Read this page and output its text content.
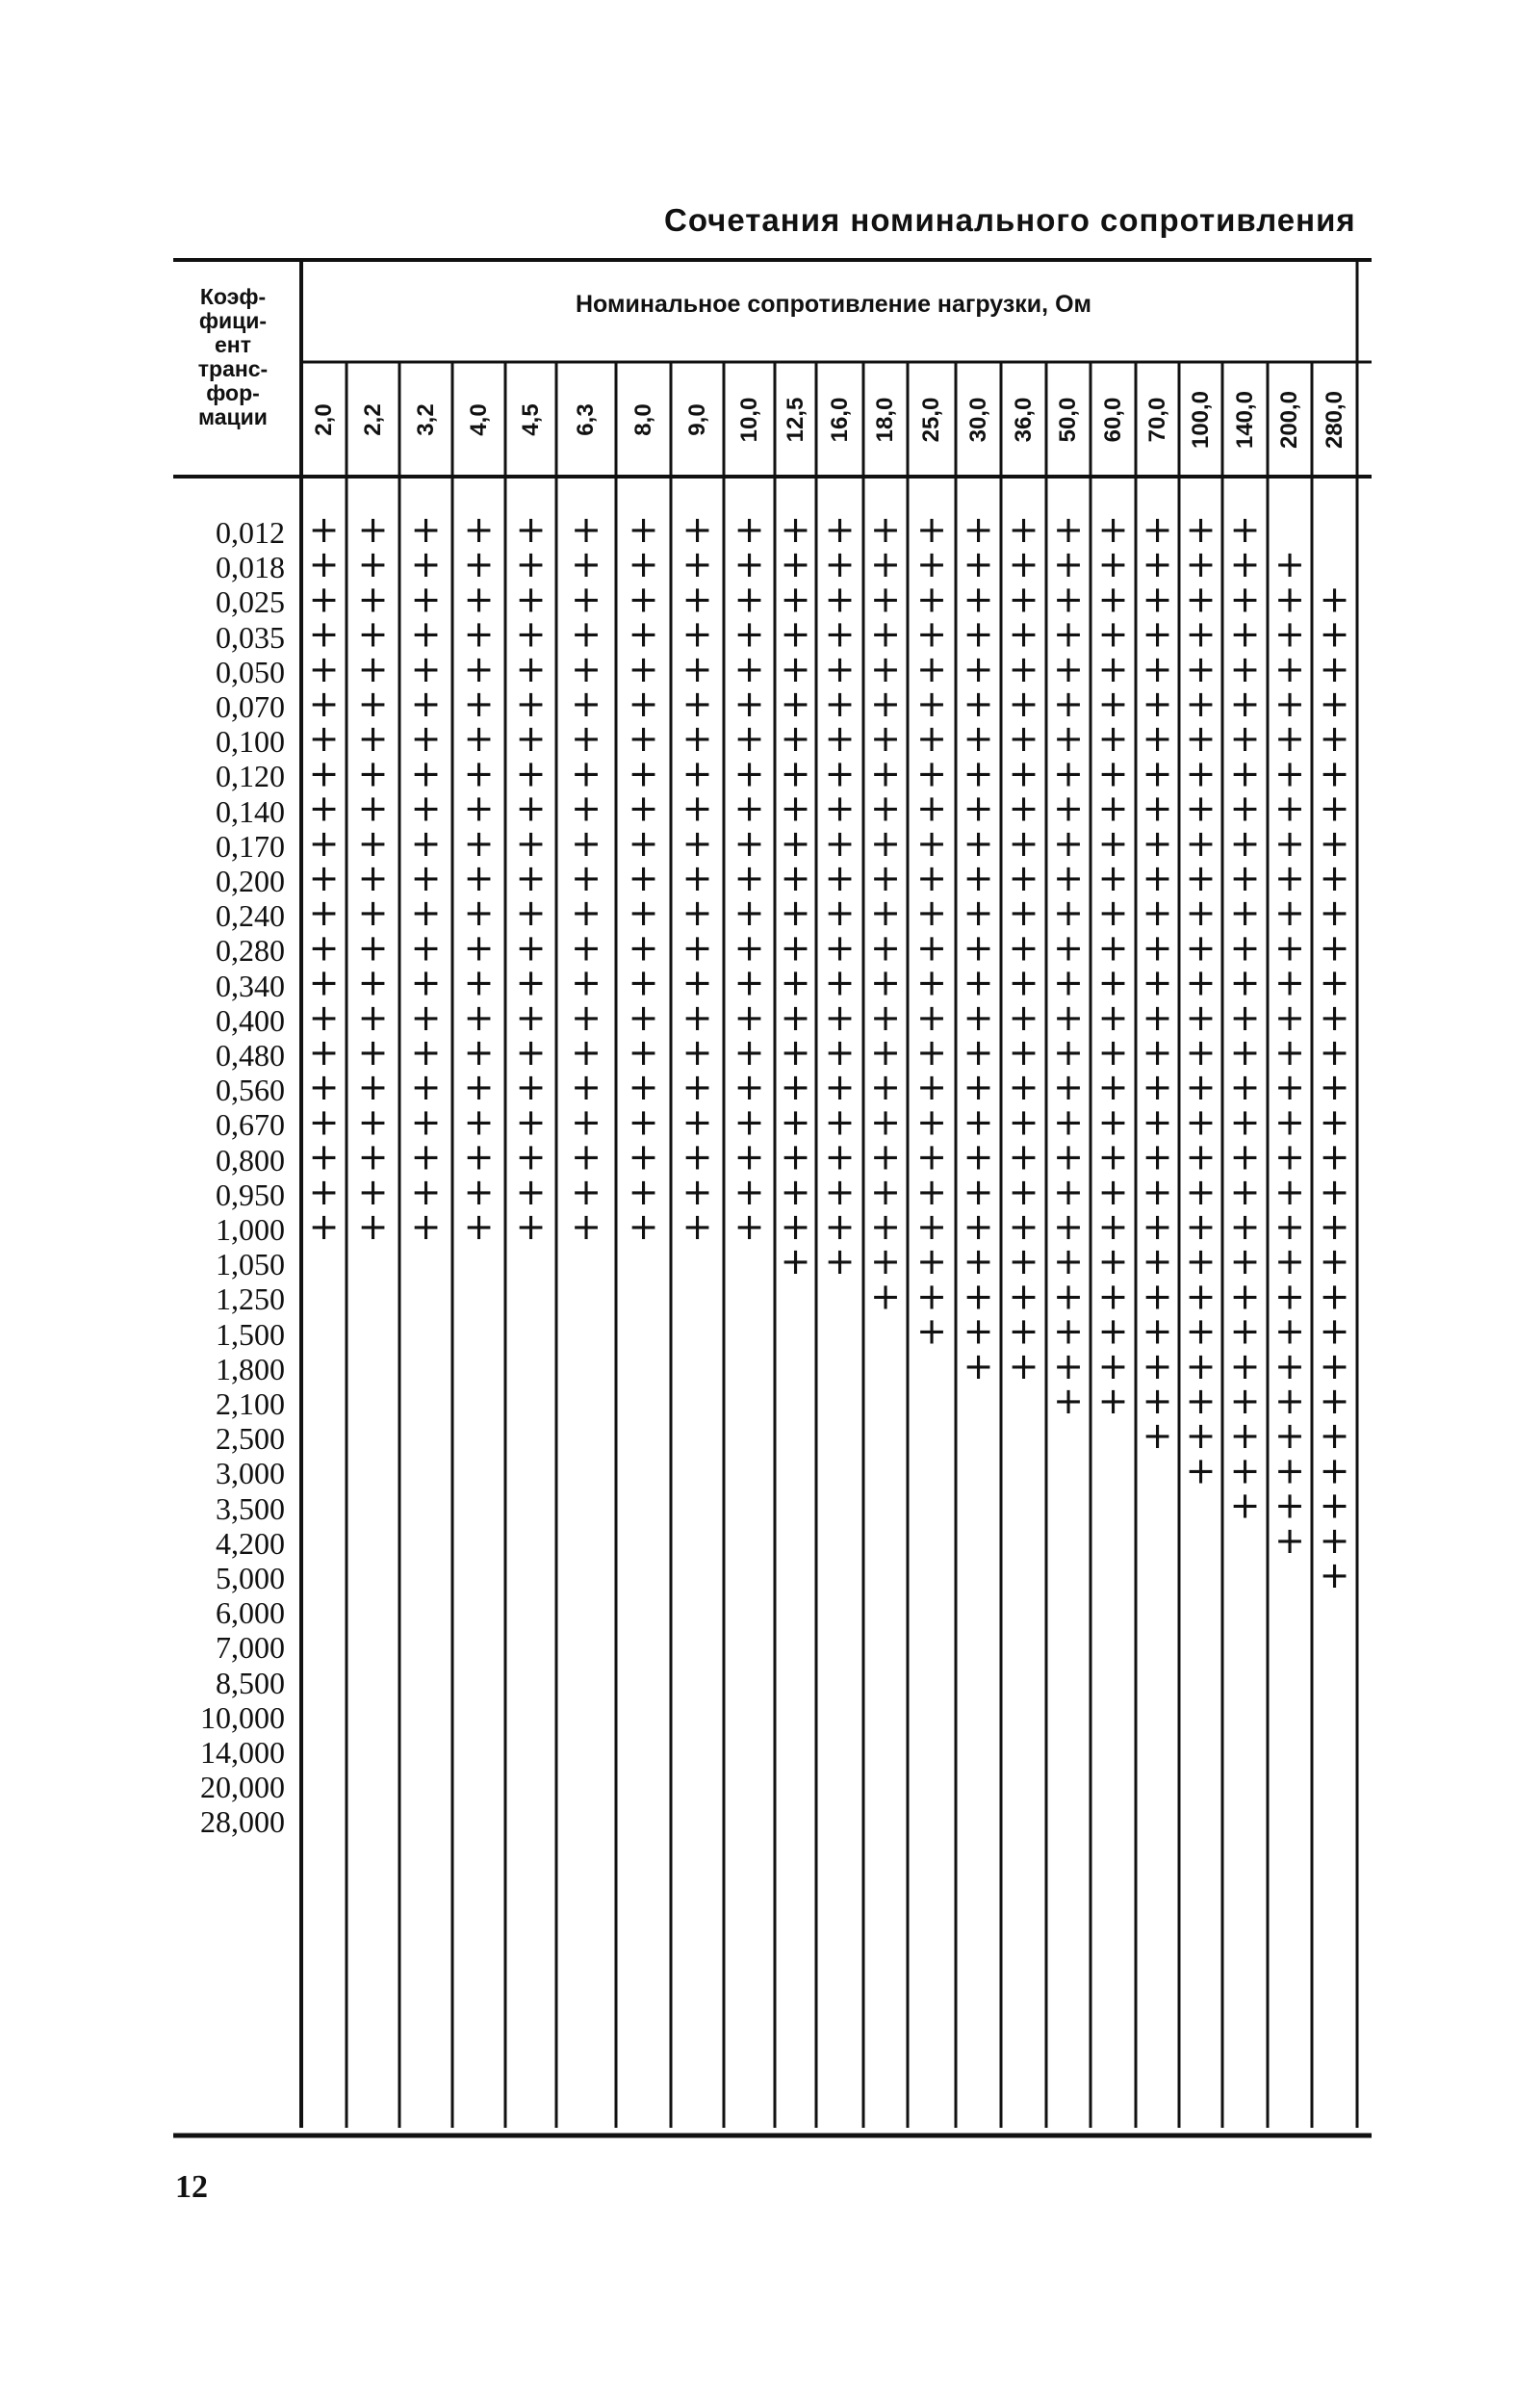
Сочетания номинального сопротивления
Коэф-
фици-
ент
транс-
фор-
мации
Номинальное сопротивление нагрузки, Ом
2,0 2,2 3,2 4,0 4,5 6,3 8,0 9,0 10,0 12,5 16,0 18,0 25,0 30,0 36,0 50,0 60,0 70,0 100,0 140,0 200,0 280,0
0,012
0,018
0,025
0,035
0,050
0,070
0,100
0,120
0,140
0,170
0,200
0,240
0,280
0,340
0,400
0,480
0,560
0,670
0,800
0,950
1,000
1,050
1,250
1,500
1,800
2,100
2,500
3,000
3,500
4,200
5,000
6,000
7,000
8,500
10,000
14,000
20,000
28,000
+
+
+
+
+
+
+
+
+
+
+
+
+
+
+
+
+
+
+
+
+
+
+
+
+
+
+
+
+
+
+
+
+
+
+
+
+
+
+
+
+
+
+
+
+
+
+
+
+
+
+
+
+
+
+
+
+
+
+
+
+
+
+
+
+
+
+
+
+
+
+
+
+
+
+
+
+
+
+
+
+
+
+
+
+
+
+
+
+
+
+
+
+
+
+
+
+
+
+
+
+
+
+
+
+
+
+
+
+
+
+
+
+
+
+
+
+
+
+
+
+
+
+
+
+
+
+
+
+
+
+
+
+
+
+
+
+
+
+
+
+
+
+
+
+
+
+
+
+
+
+
+
+
+
+
+
+
+
+
+
+
+
+
+
+
+
+
+
+
+
+
+
+
+
+
+
+
+
+
+
+
+
+
+
+
+
+
+
+
+
+
+
+
+
+
+
+
+
+
+
+
+
+
+
+
+
+
+
+
+
+
+
+
+
+
+
+
+
+
+
+
+
+
+
+
+
+
+
+
+
+
+
+
+
+
+
+
+
+
+
+
+
+
+
+
+
+
+
+
+
+
+
+
+
+
+
+
+
+
+
+
+
+
+
+
+
+
+
+
+
+
+
+
+
+
+
+
+
+
+
+
+
+
+
+
+
+
+
+
+
+
+
+
+
+
+
+
+
+
+
+
+
+
+
+
+
+
+
+
+
+
+
+
+
+
+
+
+
+
+
+
+
+
+
+
+
+
+
+
+
+
+
+
+
+
+
+
+
+
+
+
+
+
+
+
+
+
+
+
+
+
+
+
+
+
+
+
+
+
+
+
+
+
+
+
+
+
+
+
+
+
+
+
+
+
+
+
+
+
+
+
+
+
+
+
+
+
+
+
+
+
+
+
+
+
+
+
+
+
+
+
+
+
+
+
+
+
+
+
+
+
+
+
+
+
+
+
+
+
+
+
+
+
+
+
+
+
+
+
+
+
+
+
+
+
+
+
+
+
+
+
+
+
+
+
+
+
+
+
+
+
+
+
+
+
+
+
+
+
+
+
+
+
+
+
+
+
+
+
+
+
+
+
+
+
+
+
+
+
+
+
+
+
+
+
+
+
+
+
+
+
+
+
+
+
+
+
+
+
+
+
+
+
+
+
+
+
+
+
+
+
+
+
+
+
+
+
+
+
+
+
+
+
+
12
